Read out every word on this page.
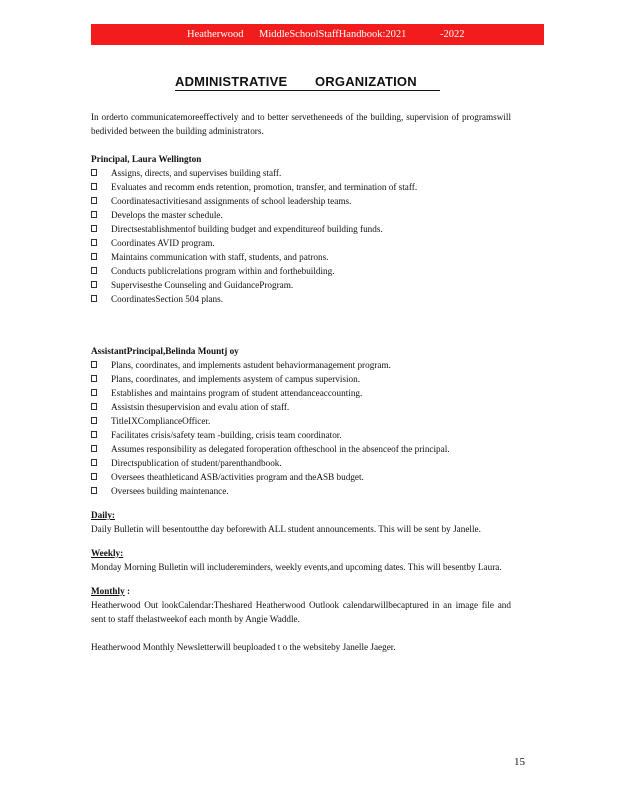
Heatherwood MiddleSchoolStaffHandbook:2021	-2022
ADMINISTRATIVE ORGANIZATION

In orderto communicatemoreeffectively and to better servetheneeds of the building, supervision of programswill bedivided between the building administrators.

Principal, Laura Wellington

Assigns, directs, and supervises building staff.
Evaluates and recomm ends retention, promotion, transfer, and termination of staff.
Coordinatesactivitiesand assignments of school leadership teams.
Develops the master schedule.
Directsestablishmentof building budget and expenditureof building funds.
Coordinates AVID program.
Maintains communication with staff, students, and patrons.
Conducts publicrelations program within and forthebuilding.
Supervisesthe Counseling and GuidanceProgram.
CoordinatesSection 504 plans.

AssistantPrincipal,Belinda Mountj oy

Plans, coordinates, and implements astudent behaviormanagement program.
Plans, coordinates, and implements asystem of campus supervision.
Establishes and maintains program of student attendanceaccounting.
Assistsin thesupervision and evalu ation of staff.
TitleIXComplianceOfficer.
Facilitates crisis/safety team -building, crisis team coordinator.
Assumes responsibility as delegated foroperation oftheschool in the absenceof the principal.
Directspublication of student/parenthandbook.
Oversees theathleticand ASB/activities program and theASB budget.
Oversees building maintenance.

Daily:

Daily Bulletin will besentoutthe day beforewith ALL student announcements. This will be sent by Janelle.

Weekly:

Monday Morning Bulletin will includereminders, weekly events,and upcoming dates. This will besentby Laura.

Monthly :

Heatherwood Out lookCalendar:Theshared Heatherwood Outlook calendarwillbecaptured in an image file and sent to staff thelastweekof each month by Angie Waddle.

Heatherwood Monthly Newsletterwill beuploaded t o the websiteby Janelle Jaeger.

15
